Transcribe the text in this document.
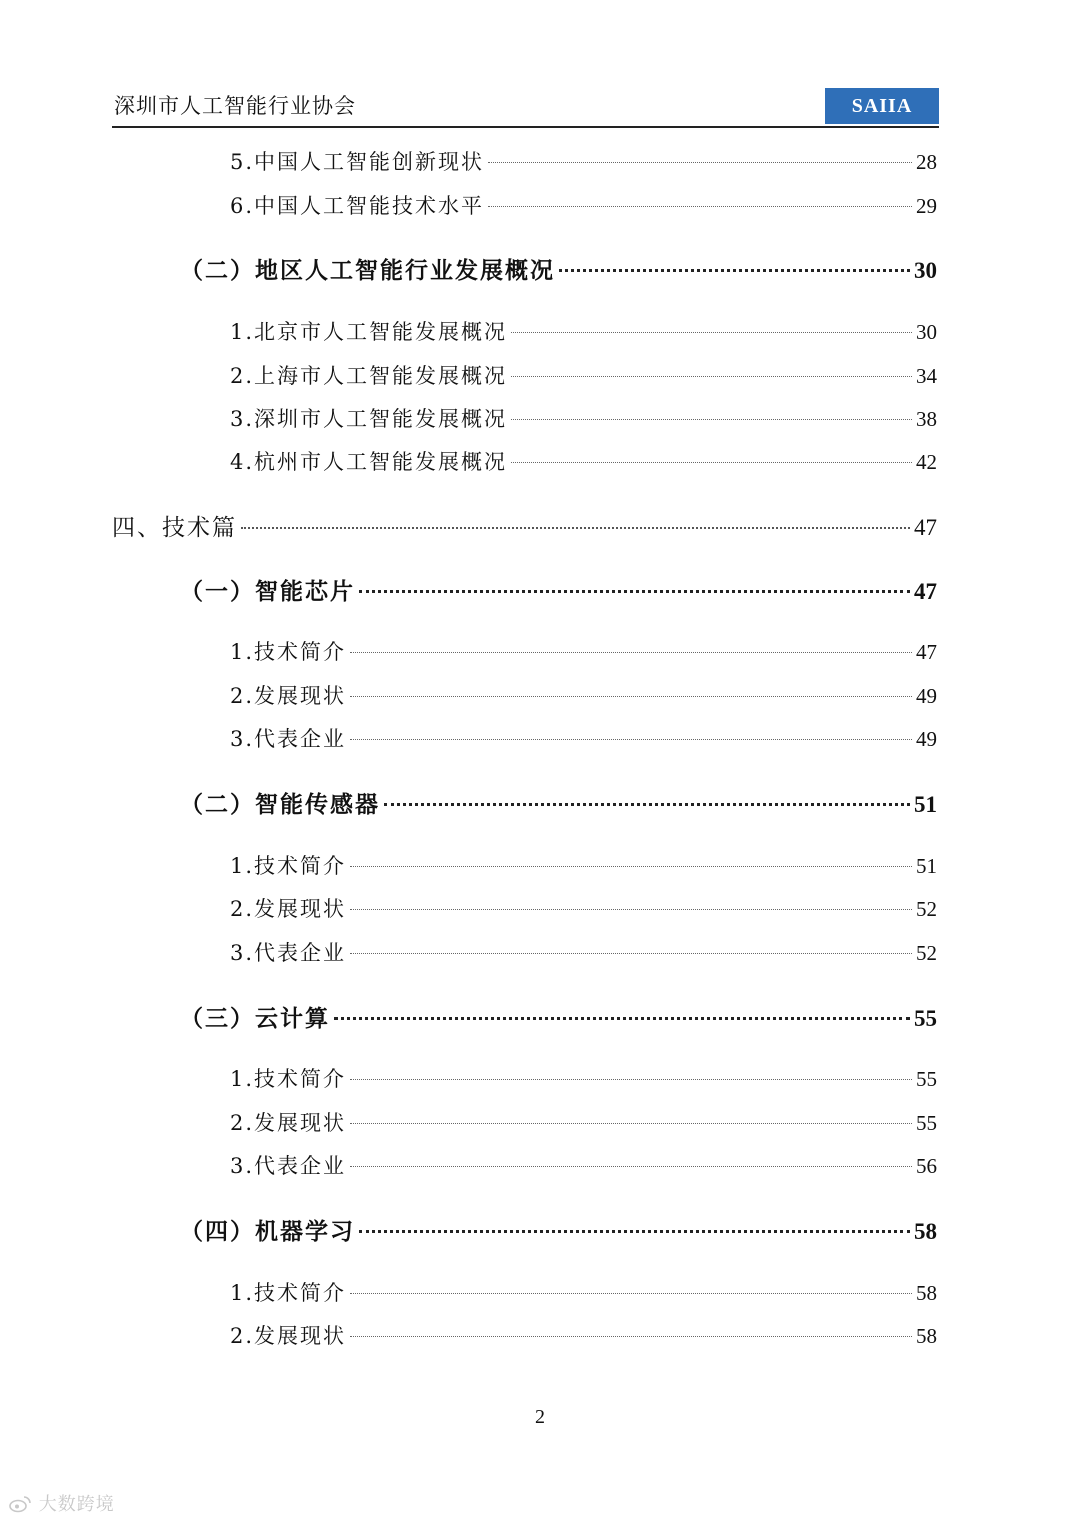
深圳市人工智能行业协会	SAIIA
5.中国人工智能创新现状	28
6.中国人工智能技术水平	29
（二）地区人工智能行业发展概况	30
1.北京市人工智能发展概况	30
2.上海市人工智能发展概况	34
3.深圳市人工智能发展概况	38
4.杭州市人工智能发展概况	42
四、技术篇	47
（一）智能芯片	47
1.技术简介	47
2.发展现状	49
3.代表企业	49
（二）智能传感器	51
1.技术简介	51
2.发展现状	52
3.代表企业	52
（三）云计算	55
1.技术简介	55
2.发展现状	55
3.代表企业	56
（四）机器学习	58
1.技术简介	58
2.发展现状	58
2
大数跨境
